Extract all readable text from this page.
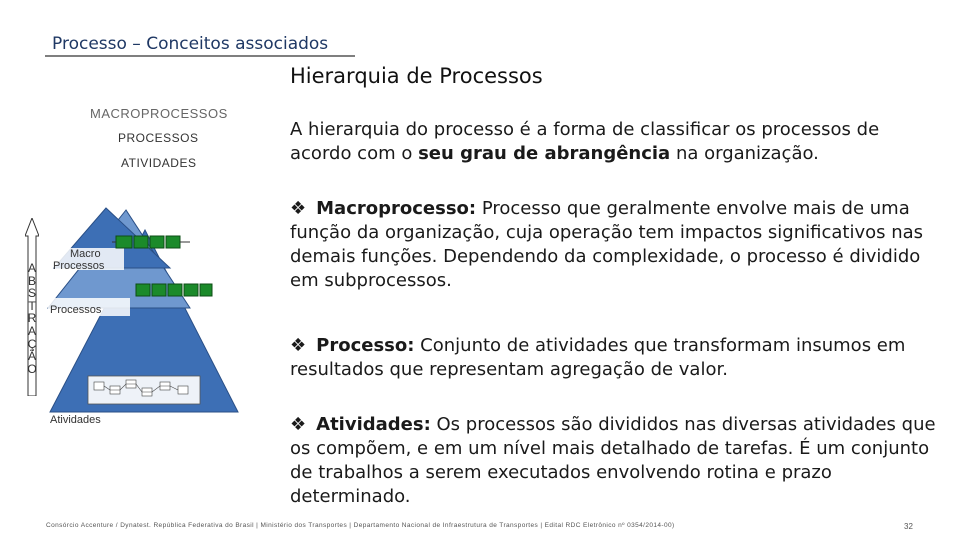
Processo – Conceitos associados
Hierarquia de Processos
MACROPROCESSOS
PROCESSOS
ATIVIDADES
ABSTRAÇÃO
Macro
Processos
Processos
Atividades
A hierarquia do processo é a forma de classificar os processos de acordo com o seu grau de abrangência na organização.
❖ Macroprocesso: Processo que geralmente envolve mais de uma função da organização, cuja operação tem impactos significativos nas demais funções. Dependendo da complexidade, o processo é dividido em subprocessos.
❖ Processo: Conjunto de atividades que transformam insumos em resultados que representam agregação de valor.
❖ Atividades: Os processos são divididos nas diversas atividades que os compõem, e em um nível mais detalhado de tarefas. É um conjunto de trabalhos a serem executados envolvendo rotina e prazo determinado.
Consórcio Accenture / Dynatest. República Federativa do Brasil | Ministério dos Transportes | Departamento Nacional de Infraestrutura de Transportes | Edital RDC Eletrônico nº 0354/2014-00)	32
